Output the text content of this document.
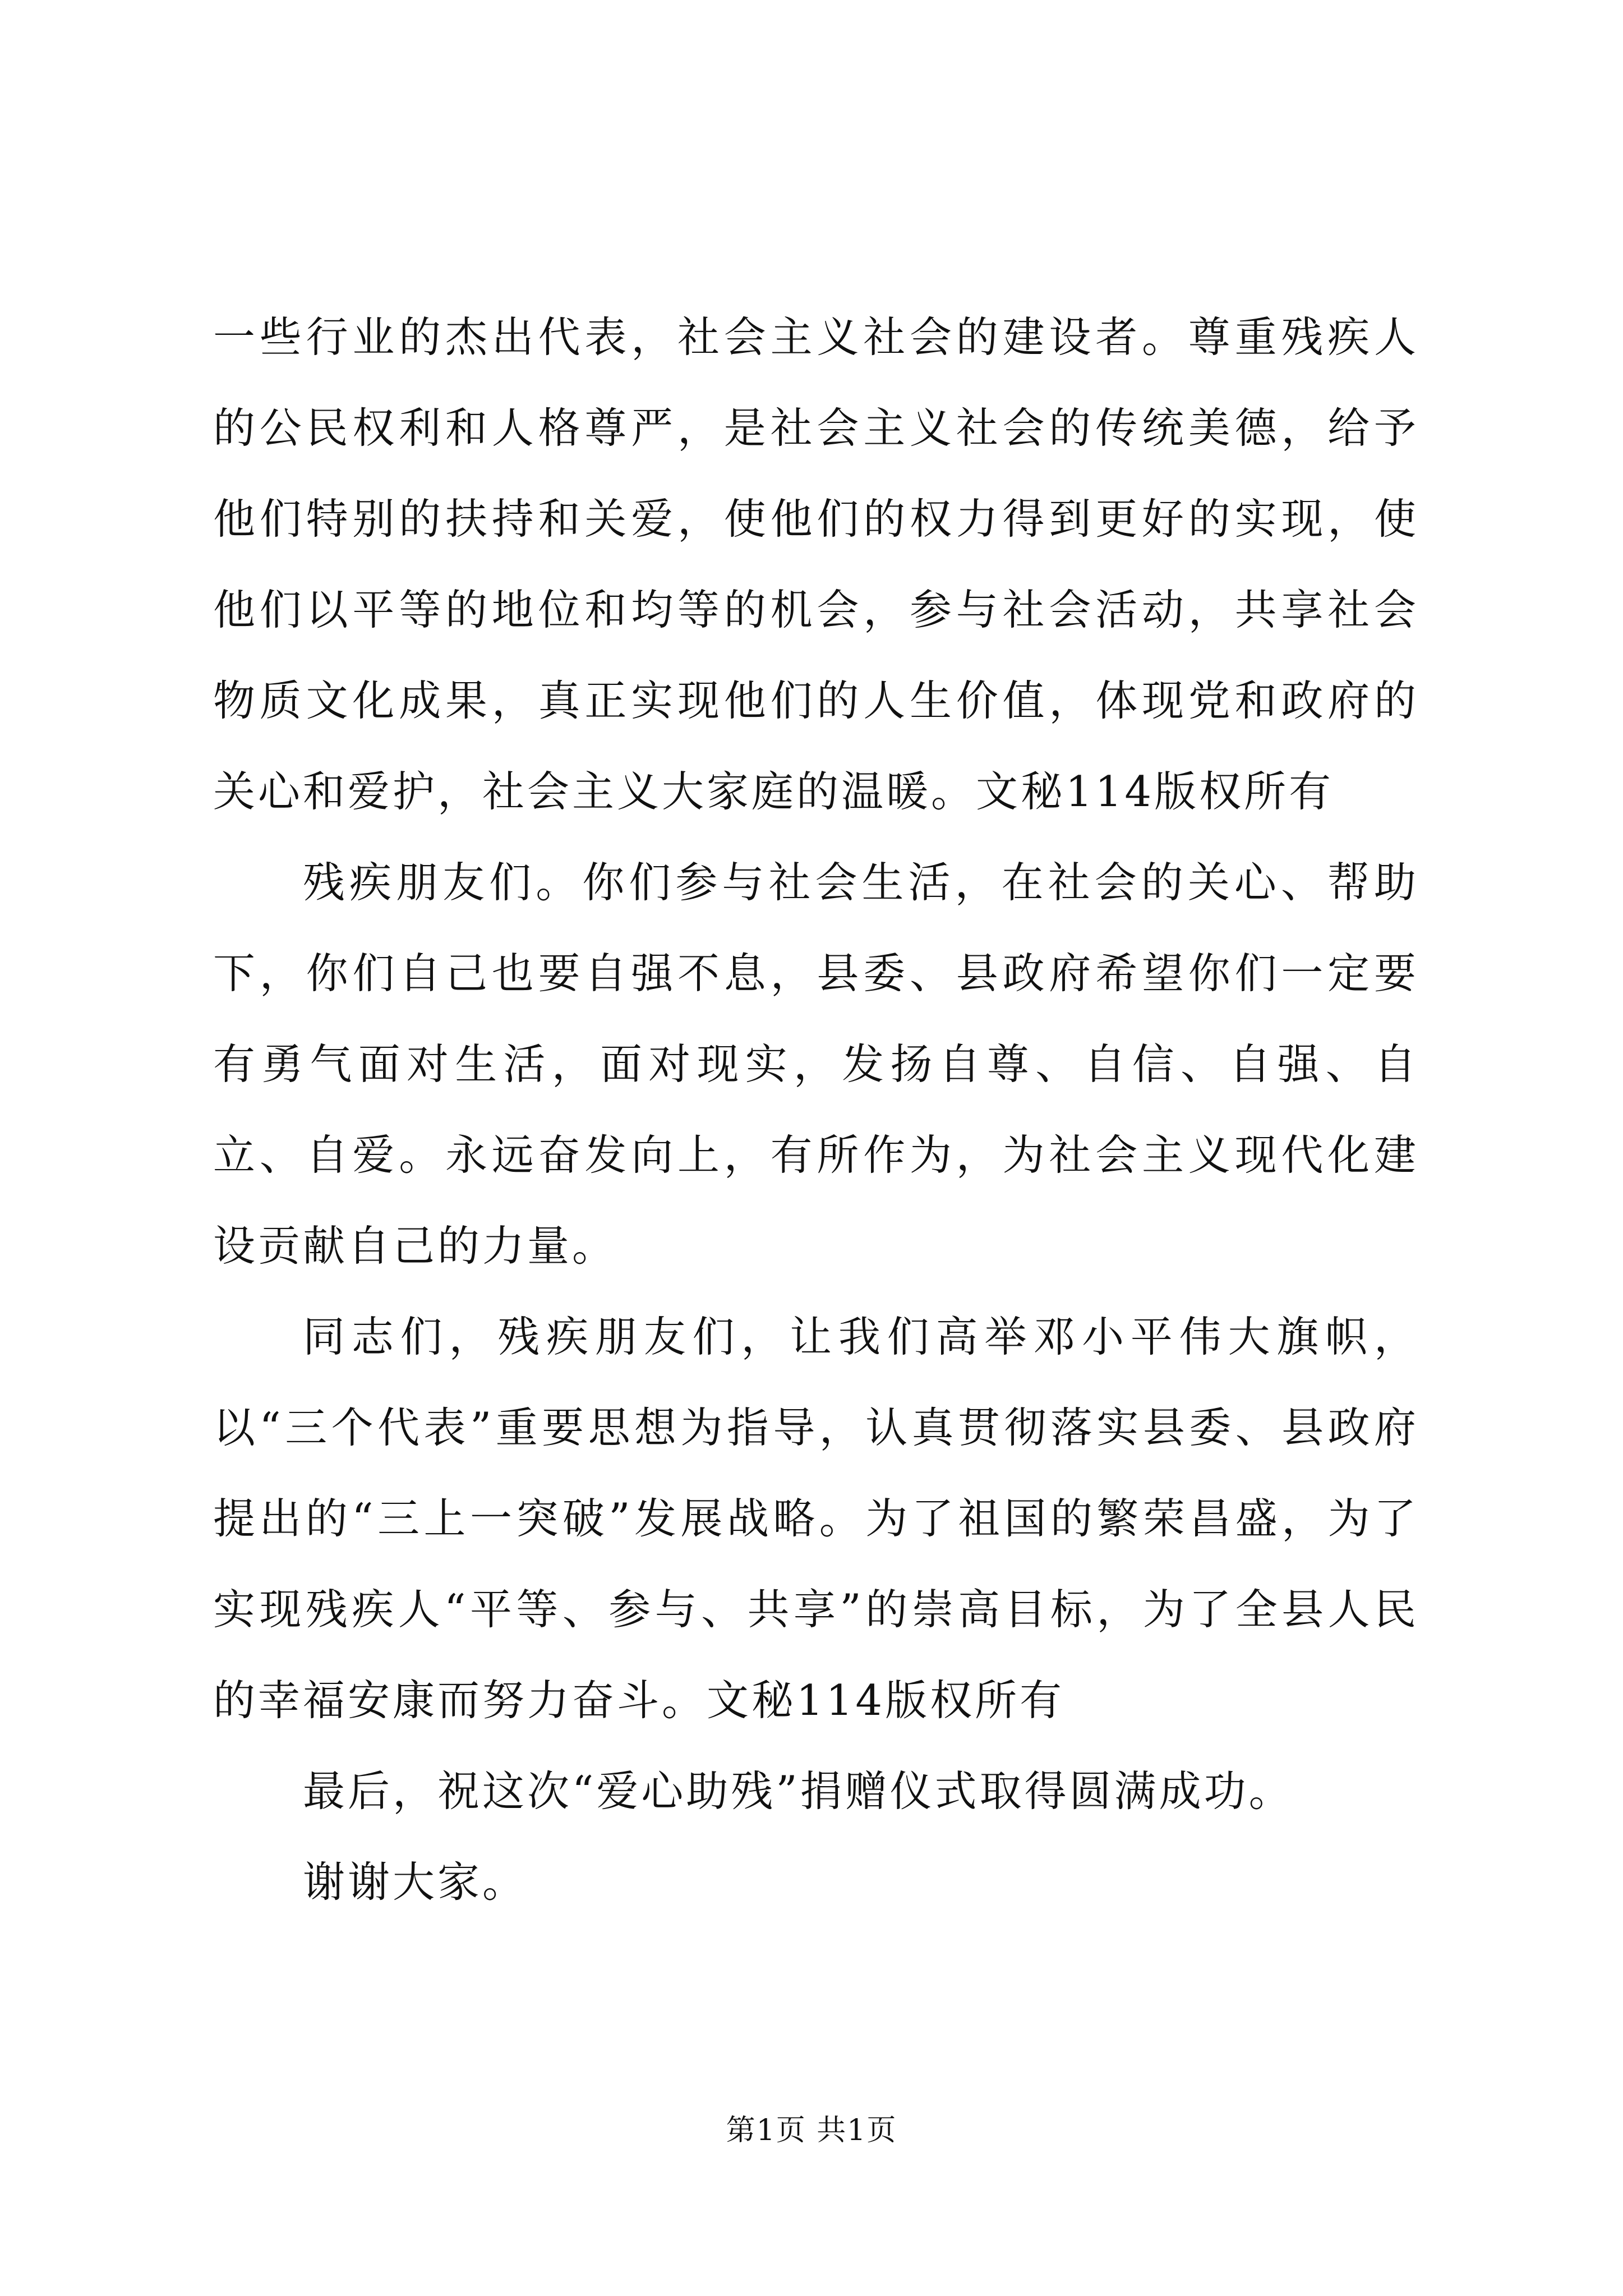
一些行业的杰出代表，社会主义社会的建设者。尊重残疾人的公民权利和人格尊严，是社会主义社会的传统美德，给予他们特别的扶持和关爱，使他们的权力得到更好的实现，使他们以平等的地位和均等的机会，参与社会活动，共享社会物质文化成果，真正实现他们的人生价值，体现党和政府的关心和爱护，社会主义大家庭的温暖。文秘114版权所有

残疾朋友们。你们参与社会生活，在社会的关心、帮助下，你们自己也要自强不息，县委、县政府希望你们一定要有勇气面对生活，面对现实，发扬自尊、自信、自强、自立、自爱。永远奋发向上，有所作为，为社会主义现代化建设贡献自己的力量。

同志们，残疾朋友们，让我们高举邓小平伟大旗帜，以“三个代表”重要思想为指导，认真贯彻落实县委、县政府提出的“三上一突破”发展战略。为了祖国的繁荣昌盛，为了实现残疾人“平等、参与、共享”的崇高目标，为了全县人民的幸福安康而努力奋斗。文秘114版权所有

最后，祝这次“爱心助残”捐赠仪式取得圆满成功。

谢谢大家。

第1页 共1页
